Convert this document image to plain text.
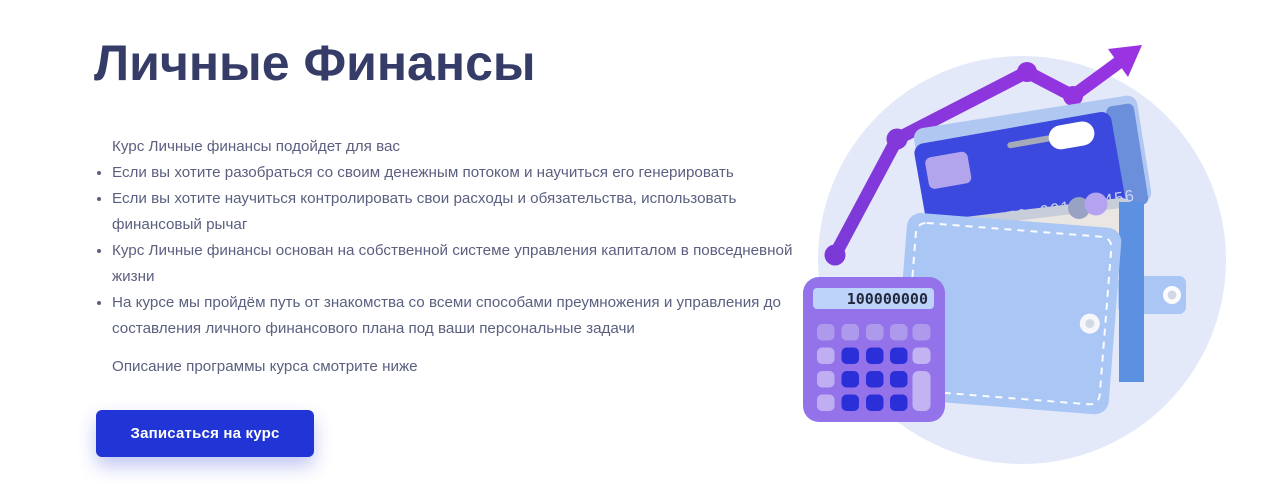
Личные Финансы

Курс Личные финансы подойдет для вас

• Если вы хотите разобраться со своим денежным потоком и научиться его генерировать
• Если вы хотите научиться контролировать свои расходы и обязательства, использовать финансовый рычаг
• Курс Личные финансы основан на собственной системе управления капиталом в повседневной жизни
• На курсе мы пройдём путь от знакомства со всеми способами преумножения и управления до составления личного финансового плана под ваши персональные задачи

Описание программы курса смотрите ниже

Записаться на курс
100000000
